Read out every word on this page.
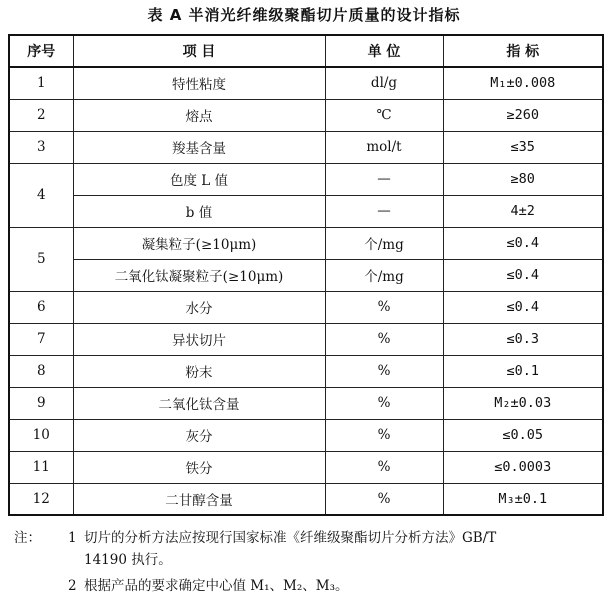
表 A 半消光纤维级聚酯切片质量的设计指标
序号	项 目	单 位	指 标
1	特性粘度	dl/g	M₁±0.008
2	熔点	℃	≥260
3	羧基含量	mol/t	≤35
4	色度 L 值	—	≥80
	b 值	—	4±2
5	凝集粒子(≥10μm)	个/mg	≤0.4
	二氧化钛凝聚粒子(≥10μm)	个/mg	≤0.4
6	水分	%	≤0.4
7	异状切片	%	≤0.3
8	粉末	%	≤0.1
9	二氧化钛含量	%	M₂±0.03
10	灰分	%	≤0.05
11	铁分	%	≤0.0003
12	二甘醇含量	%	M₃±0.1
注：	1 切片的分析方法应按现行国家标准《纤维级聚酯切片分析方法》GB/T
14190 执行。
2 根据产品的要求确定中心值 M₁、M₂、M₃。
